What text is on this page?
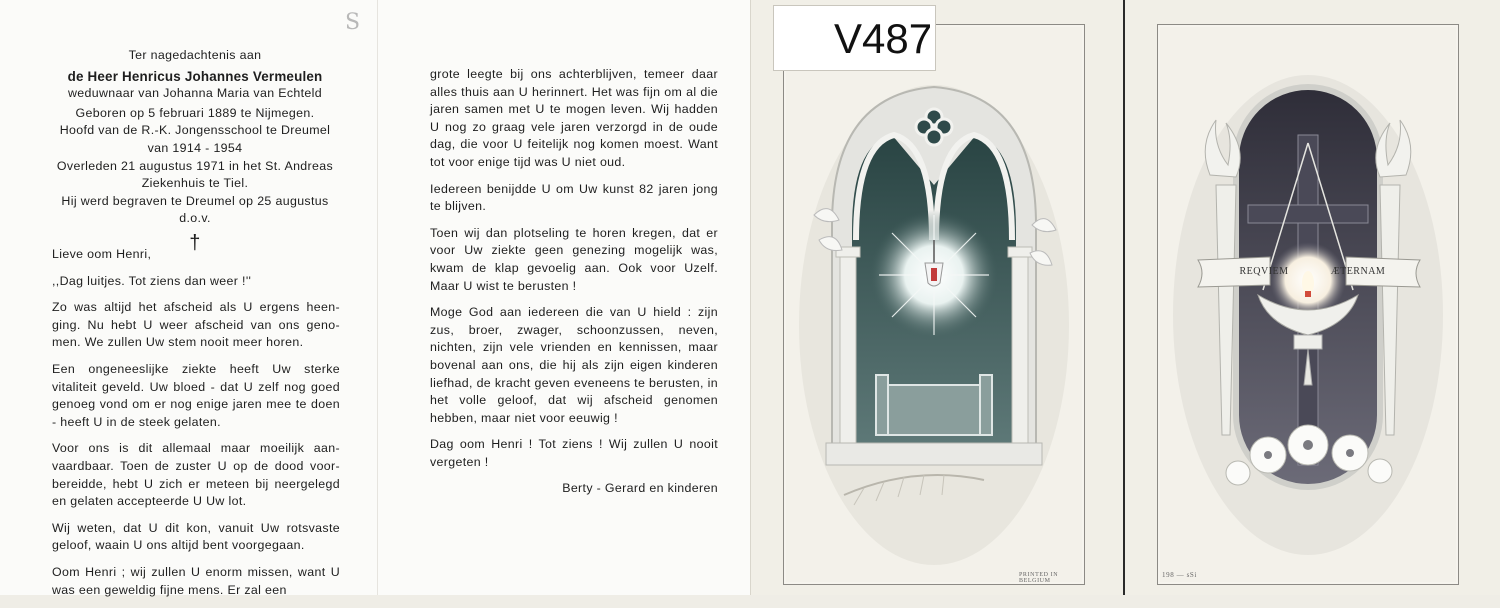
S
Ter nagedachtenis aan
de Heer Henricus Johannes Vermeulen
weduwnaar van Johanna Maria van Echteld
Geboren op 5 februari 1889 te Nijmegen.
Hoofd van de R.-K. Jongensschool te Dreumel
van 1914 - 1954
Overleden 21 augustus 1971 in het St. Andreas
Ziekenhuis te Tiel.
Hij werd begraven te Dreumel op 25 augustus
d.o.v.
†

Lieve oom Henri,

,,Dag luitjes. Tot ziens dan weer !''

Zo was altijd het afscheid als U ergens heen- ging. Nu hebt U weer afscheid van ons geno- men. We zullen Uw stem nooit meer horen.

Een ongeneeslijke ziekte heeft Uw sterke vitaliteit geveld. Uw bloed - dat U zelf nog goed genoeg vond om er nog enige jaren mee te doen - heeft U in de steek gelaten.

Voor ons is dit allemaal maar moeilijk aan- vaardbaar. Toen de zuster U op de dood voor- bereidde, hebt U zich er meteen bij neergelegd en gelaten accepteerde U Uw lot.

Wij weten, dat U dit kon, vanuit Uw rotsvaste geloof, waain U ons altijd bent voorgegaan.

Oom Henri ; wij zullen U enorm missen, want U was een geweldig fijne mens. Er zal een

grote leegte bij ons achterblijven, temeer daar alles thuis aan U herinnert. Het was fijn om al die jaren samen met U te mogen leven. Wij hadden U nog zo graag vele jaren verzorgd in de oude dag, die voor U feitelijk nog komen moest. Want tot voor enige tijd was U niet oud.

Iedereen benijdde U om Uw kunst 82 jaren jong te blijven.

Toen wij dan plotseling te horen kregen, dat er voor Uw ziekte geen genezing mogelijk was, kwam de klap gevoelig aan. Ook voor Uzelf. Maar U wist te berusten !

Moge God aan iedereen die van U hield : zijn zus, broer, zwager, schoonzussen, neven, nichten, zijn vele vrienden en kennissen, maar bovenal aan ons, die hij als zijn eigen kinderen liefhad, de kracht geven eveneens te berusten, in het volle geloof, dat wij afscheid genomen hebben, maar niet voor eeuwig !

Dag oom Henri ! Tot ziens ! Wij zullen U nooit vergeten !

Berty - Gerard en kinderen

PRINTED IN BELGIUM
V487
REQVIEM	ÆTERNAM
198 — sSi
